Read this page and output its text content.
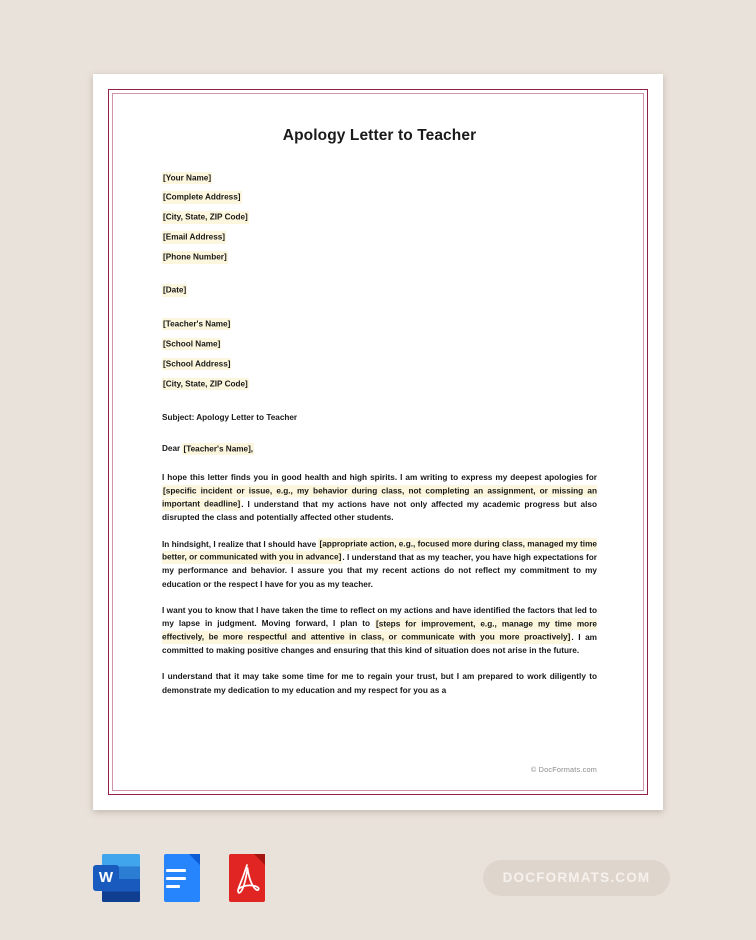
Apology Letter to Teacher
[Your Name]
[Complete Address]
[City, State, ZIP Code]
[Email Address]
[Phone Number]
[Date]
[Teacher's Name]
[School Name]
[School Address]
[City, State, ZIP Code]
Subject: Apology Letter to Teacher
Dear [Teacher's Name],

I hope this letter finds you in good health and high spirits. I am writing to express my deepest apologies for [specific incident or issue, e.g., my behavior during class, not completing an assignment, or missing an important deadline]. I understand that my actions have not only affected my academic progress but also disrupted the class and potentially affected other students.

In hindsight, I realize that I should have [appropriate action, e.g., focused more during class, managed my time better, or communicated with you in advance]. I understand that as my teacher, you have high expectations for my performance and behavior. I assure you that my recent actions do not reflect my commitment to my education or the respect I have for you as my teacher.

I want you to know that I have taken the time to reflect on my actions and have identified the factors that led to my lapse in judgment. Moving forward, I plan to [steps for improvement, e.g., manage my time more effectively, be more respectful and attentive in class, or communicate with you more proactively]. I am committed to making positive changes and ensuring that this kind of situation does not arise in the future.

I understand that it may take some time for me to regain your trust, but I am prepared to work diligently to demonstrate my dedication to my education and my respect for you as a

© DocFormats.com
W	DOCFORMATS.COM
